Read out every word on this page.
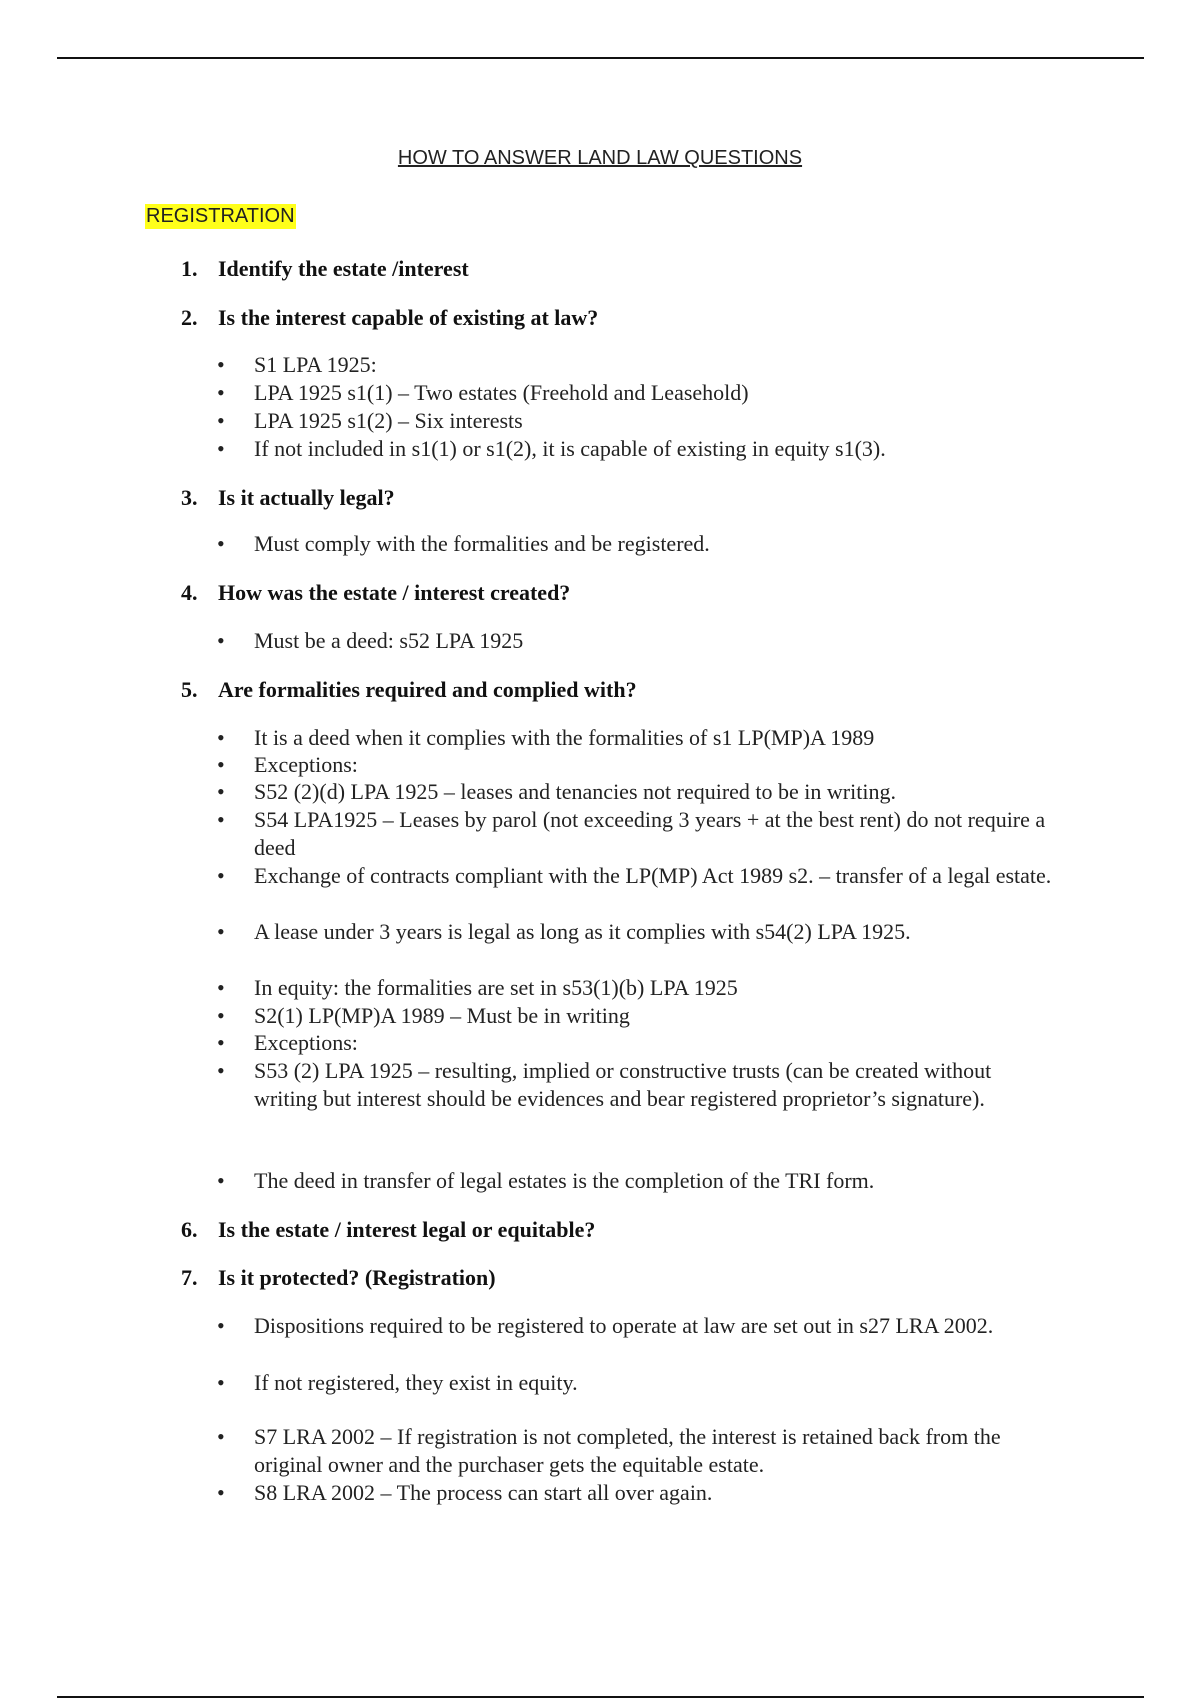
HOW TO ANSWER LAND LAW QUESTIONS
REGISTRATION
1. Identify the estate /interest
2. Is the interest capable of existing at law?
•	S1 LPA 1925:
•	LPA 1925 s1(1) – Two estates (Freehold and Leasehold)
•	LPA 1925 s1(2) – Six interests
•	If not included in s1(1) or s1(2), it is capable of existing in equity s1(3).
3. Is it actually legal?
•	Must comply with the formalities and be registered.
4. How was the estate / interest created?
•	Must be a deed: s52 LPA 1925
5. Are formalities required and complied with?
•	It is a deed when it complies with the formalities of s1 LP(MP)A 1989
•	Exceptions:
•	S52 (2)(d) LPA 1925 – leases and tenancies not required to be in writing.
•	S54 LPA1925 – Leases by parol (not exceeding 3 years + at the best rent) do not require a deed
•	Exchange of contracts compliant with the LP(MP) Act 1989 s2. – transfer of a legal estate.
•	A lease under 3 years is legal as long as it complies with s54(2) LPA 1925.
•	In equity: the formalities are set in s53(1)(b) LPA 1925
•	S2(1) LP(MP)A 1989 – Must be in writing
•	Exceptions:
•	S53 (2) LPA 1925 – resulting, implied or constructive trusts (can be created without writing but interest should be evidences and bear registered proprietor’s signature).
•	The deed in transfer of legal estates is the completion of the TRI form.
6. Is the estate / interest legal or equitable?
7. Is it protected? (Registration)
•	Dispositions required to be registered to operate at law are set out in s27 LRA 2002.
•	If not registered, they exist in equity.
•	S7 LRA 2002 – If registration is not completed, the interest is retained back from the original owner and the purchaser gets the equitable estate.
•	S8 LRA 2002 – The process can start all over again.
